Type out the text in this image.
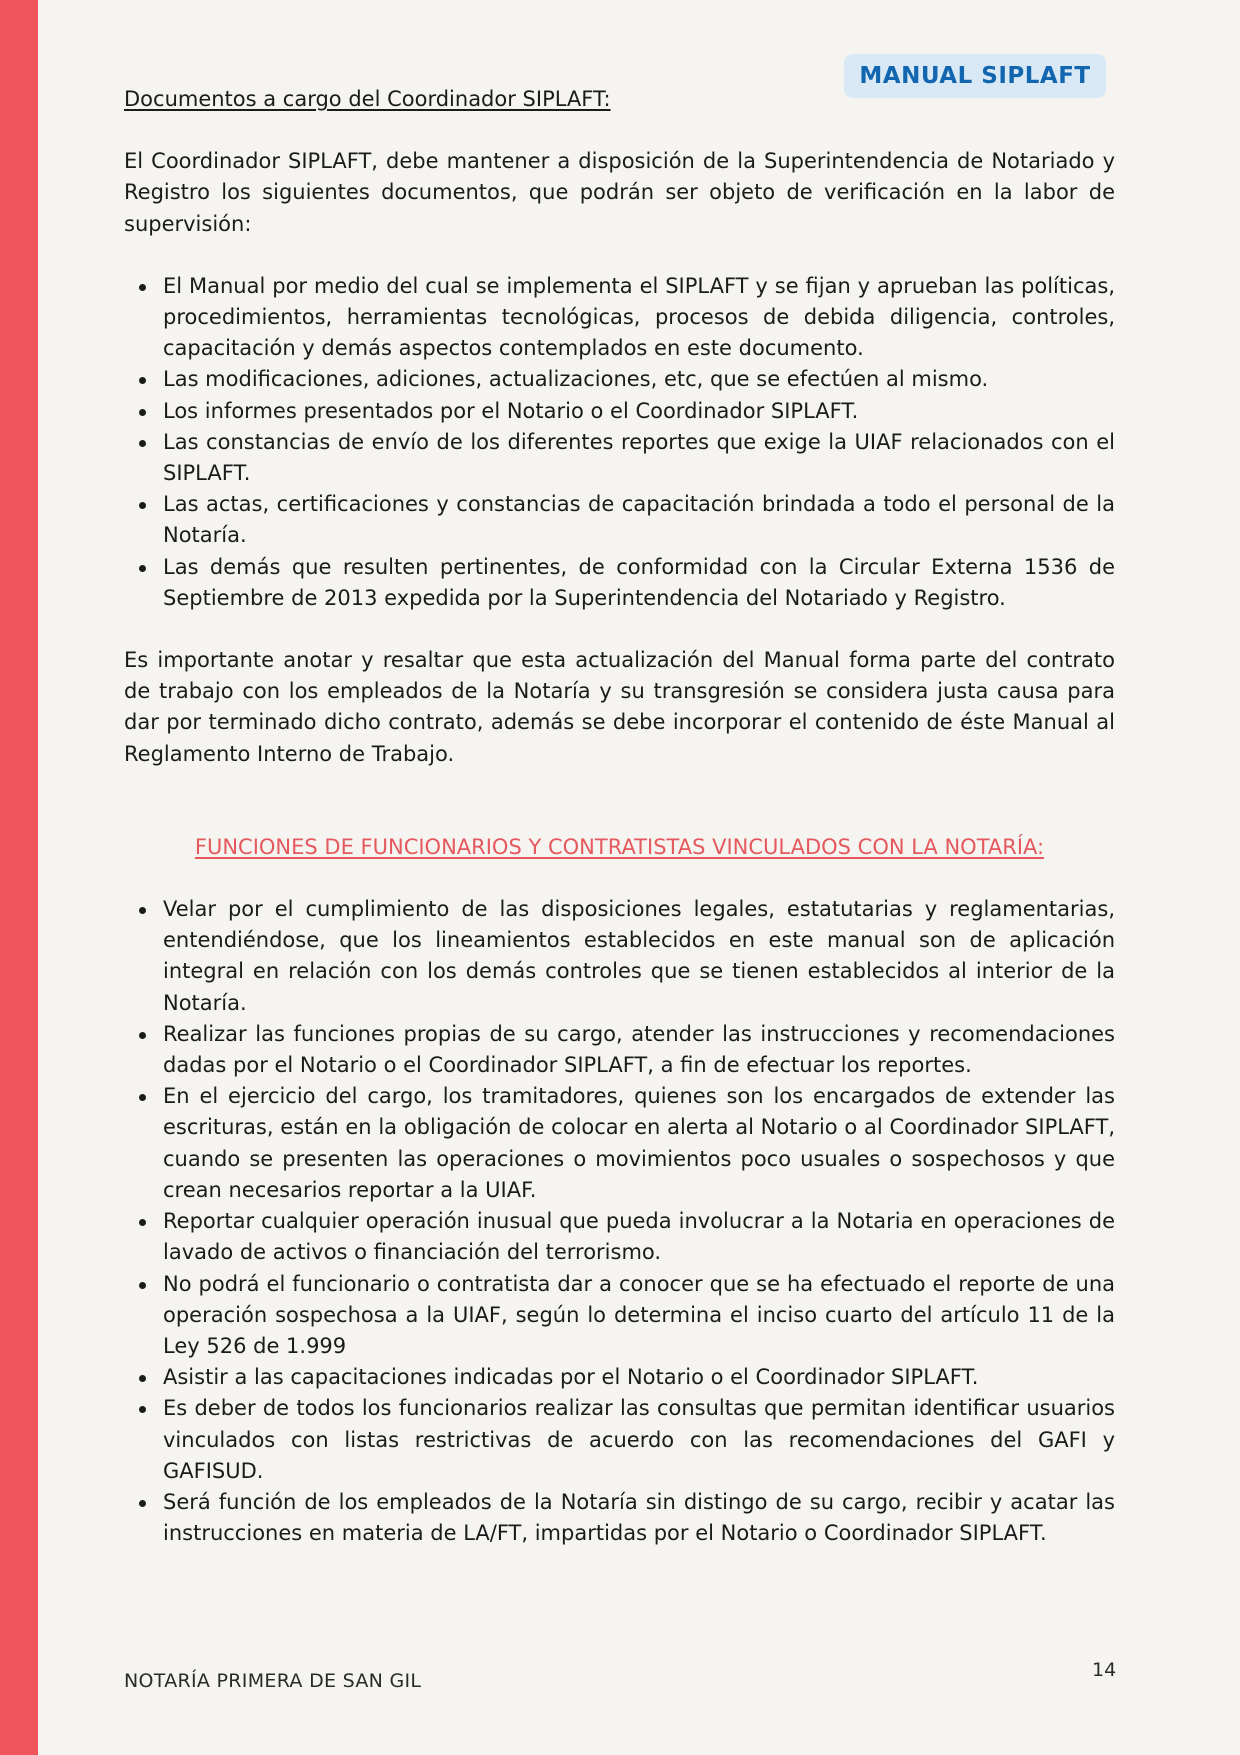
MANUAL SIPLAFT
Documentos a cargo del Coordinador SIPLAFT:

El Coordinador SIPLAFT, debe mantener a disposición de la Superintendencia de Notariado y Registro los siguientes documentos, que podrán ser objeto de verificación en la labor de supervisión:

El Manual por medio del cual se implementa el SIPLAFT y se fijan y aprueban las políticas, procedimientos, herramientas tecnológicas, procesos de debida diligencia, controles, capacitación y demás aspectos contemplados en este documento.
Las modificaciones, adiciones, actualizaciones, etc, que se efectúen al mismo.
Los informes presentados por el Notario o el Coordinador SIPLAFT.
Las constancias de envío de los diferentes reportes que exige la UIAF relacionados con el SIPLAFT.
Las actas, certificaciones y constancias de capacitación brindada a todo el personal de la Notaría.
Las demás que resulten pertinentes, de conformidad con la Circular Externa 1536 de Septiembre de 2013 expedida por la Superintendencia del Notariado y Registro.

Es importante anotar y resaltar que esta actualización del Manual forma parte del contrato de trabajo con los empleados de la Notaría y su transgresión se considera justa causa para dar por terminado dicho contrato, además se debe incorporar el contenido de éste Manual al Reglamento Interno de Trabajo.

FUNCIONES DE FUNCIONARIOS Y CONTRATISTAS VINCULADOS CON LA NOTARÍA:
Velar por el cumplimiento de las disposiciones legales, estatutarias y reglamentarias, entendiéndose, que los lineamientos establecidos en este manual son de aplicación integral en relación con los demás controles que se tienen establecidos al interior de la Notaría.
Realizar las funciones propias de su cargo, atender las instrucciones y recomendaciones dadas por el Notario o el Coordinador SIPLAFT, a fin de efectuar los reportes.
En el ejercicio del cargo, los tramitadores, quienes son los encargados de extender las escrituras, están en la obligación de colocar en alerta al Notario o al Coordinador SIPLAFT, cuando se presenten las operaciones o movimientos poco usuales o sospechosos y que crean necesarios reportar a la UIAF.
Reportar cualquier operación inusual que pueda involucrar a la Notaria en operaciones de lavado de activos o financiación del terrorismo.
No podrá el funcionario o contratista dar a conocer que se ha efectuado el reporte de una operación sospechosa a la UIAF, según lo determina el inciso cuarto del artículo 11 de la Ley 526 de 1.999
Asistir a las capacitaciones indicadas por el Notario o el Coordinador SIPLAFT.
Es deber de todos los funcionarios realizar las consultas que permitan identificar usuarios vinculados con listas restrictivas de acuerdo con las recomendaciones del GAFI y GAFISUD.
Será función de los empleados de la Notaría sin distingo de su cargo, recibir y acatar las instrucciones en materia de LA/FT, impartidas por el Notario o Coordinador SIPLAFT.
NOTARÍA PRIMERA DE SAN GIL	14
